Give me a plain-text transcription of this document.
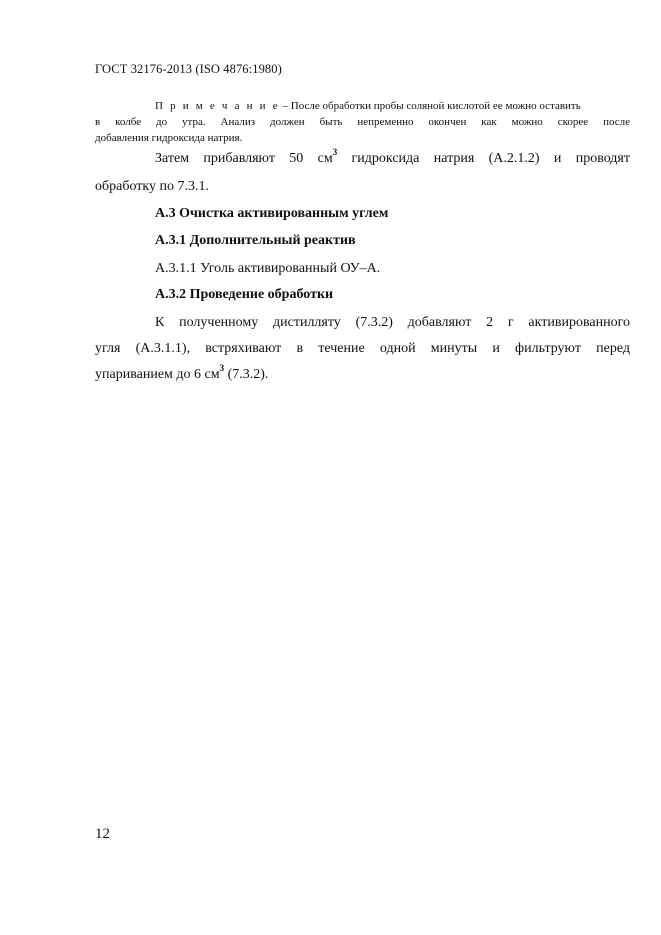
ГОСТ 32176-2013 (ISO 4876:1980)
П р и м е ч а н и е – После обработки пробы соляной кислотой ее можно оставить
в колбе до утра. Анализ должен быть непременно окончен как можно скорее после
добавления гидроксида натрия.
Затем прибавляют 50 $см^3$ гидроксида натрия (А.2.1.2) и проводят
обработку по 7.3.1.
А.3 Очистка активированным углем
А.3.1 Дополнительный реактив
А.3.1.1 Уголь активированный ОУ–А.
А.3.2 Проведение обработки
К полученному дистилляту (7.3.2) добавляют 2 г активированного
угля (А.3.1.1), встряхивают в течение одной минуты и фильтруют перед
упариванием до 6 $см^3$ (7.3.2).
12
